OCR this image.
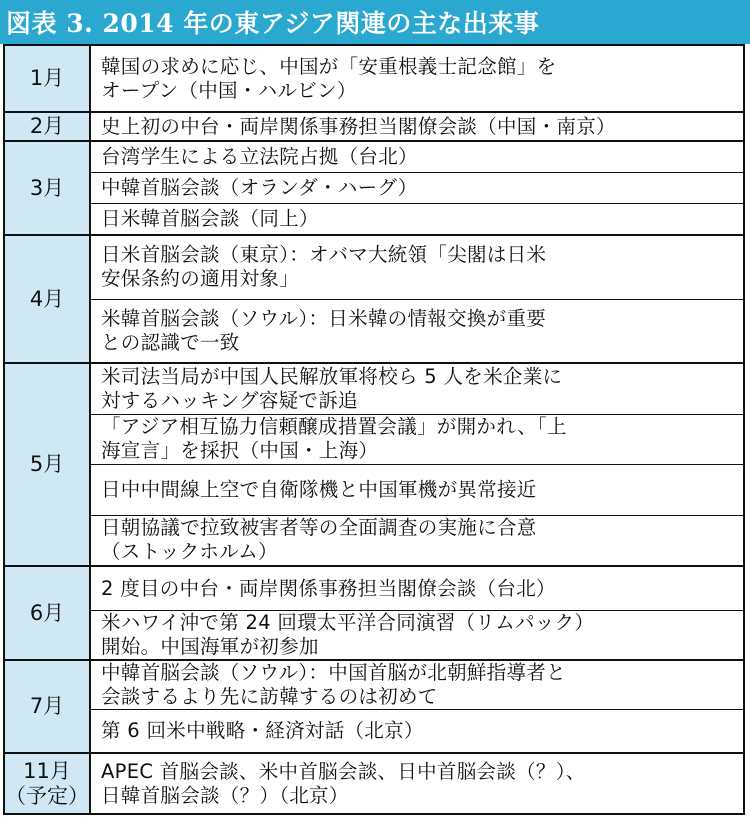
図表 3. 2014 年の東アジア関連の主な出来事
1月	韓国の求めに応じ、中国が「安重根義士記念館」を
オープン（中国・ハルビン）
2月	史上初の中台・両岸関係事務担当閣僚会談（中国・南京）
3月
台湾学生による立法院占拠（台北）
中韓首脳会談（オランダ・ハーグ）
日米韓首脳会談（同上）
4月
日米首脳会談（東京）：オバマ大統領「尖閣は日米
安保条約の適用対象」
米韓首脳会談（ソウル）：日米韓の情報交換が重要
との認識で一致
5月
米司法当局が中国人民解放軍将校ら 5 人を米企業に
対するハッキング容疑で訴追
「アジア相互協力信頼醸成措置会議」が開かれ、「上
海宣言」を採択（中国・上海）
日中中間線上空で自衛隊機と中国軍機が異常接近
日朝協議で拉致被害者等の全面調査の実施に合意
（ストックホルム）
6月
2 度目の中台・両岸関係事務担当閣僚会談（台北）
米ハワイ沖で第 24 回環太平洋合同演習（リムパック）
開始。中国海軍が初参加
7月
中韓首脳会談（ソウル）：中国首脳が北朝鮮指導者と
会談するより先に訪韓するのは初めて
第 6 回米中戦略・経済対話（北京）
11月
（予定）
APEC 首脳会談、米中首脳会談、日中首脳会談（？）、
日韓首脳会談（？）（北京）
